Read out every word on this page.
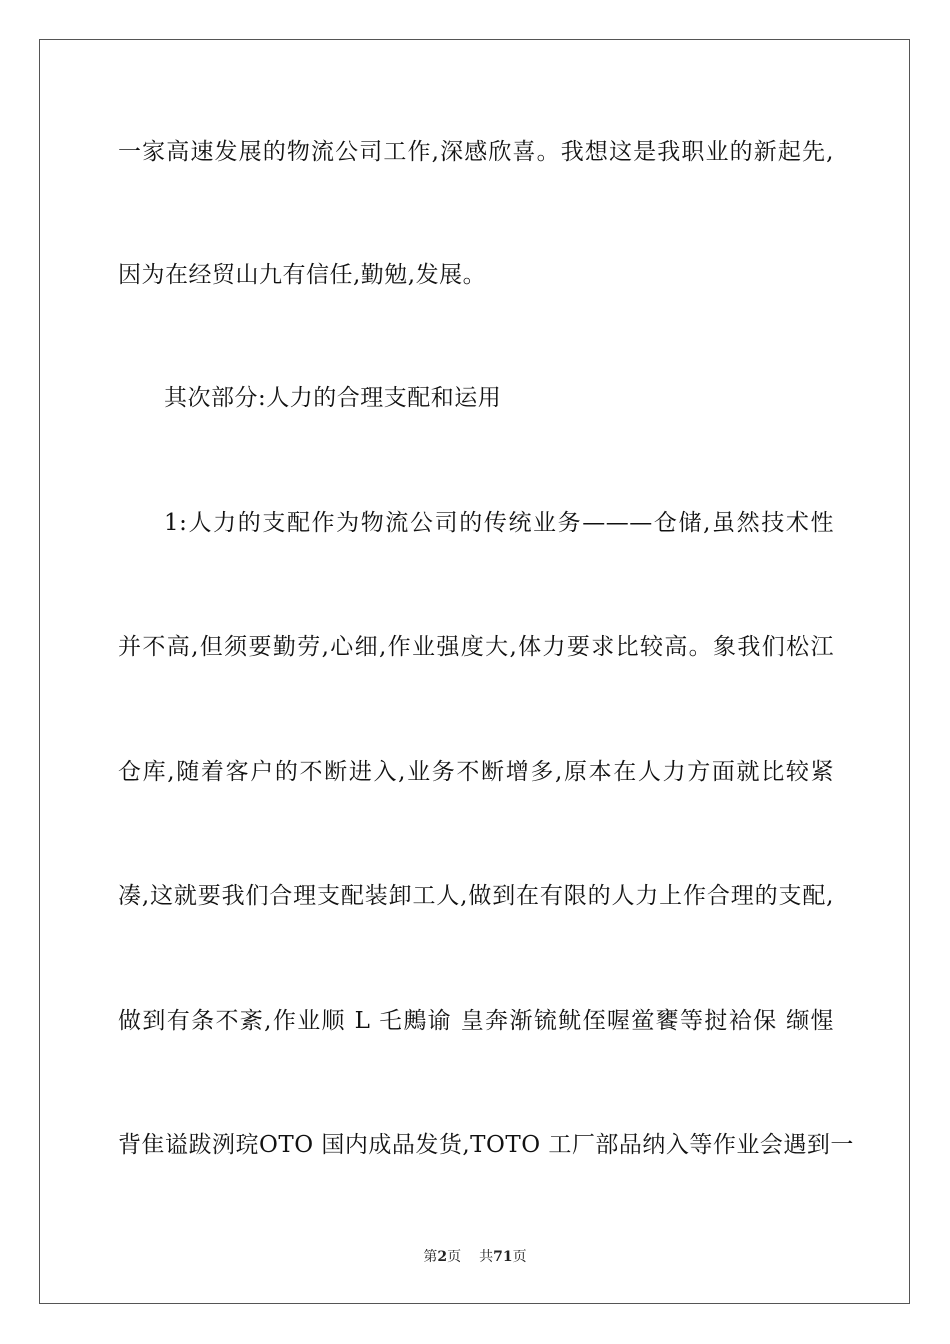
一家高速发展的物流公司工作,深感欣喜。我想这是我职业的新起先,
因为在经贸山九有信任,勤勉,发展。
其次部分:人力的合理支配和运用
1:人力的支配作为物流公司的传统业务———仓储,虽然技术性
并不高,但须要勤劳,心细,作业强度大,体力要求比较高。象我们松江
仓库,随着客户的不断进入,业务不断增多,原本在人力方面就比较紧
凑,这就要我们合理支配装卸工人,做到在有限的人力上作合理的支配,
做到有条不紊,作业顺 L 乇鶊谕 皇奔渐锍鱿侄喔鲎饔等挝袷保 缬惺
背隹谥跋洌琓OTO 国内成品发货,TOTO 工厂部品纳入等作业会遇到一
第2页 共71页
